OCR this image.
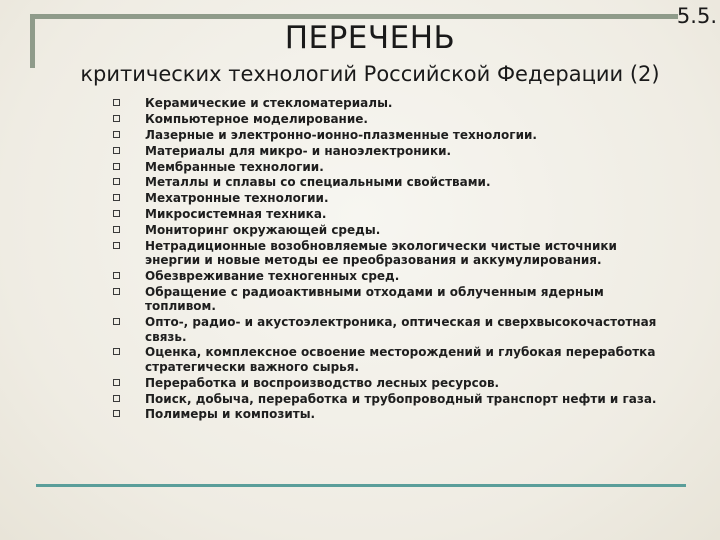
5.5.
ПЕРЕЧЕНЬ
критических технологий Российской Федерации (2)
Керамические и стекломатериалы.
Компьютерное моделирование.
Лазерные и электронно-ионно-плазменные технологии.
Материалы для микро- и наноэлектроники.
Мембранные технологии.
Металлы и сплавы со специальными свойствами.
Мехатронные технологии.
Микросистемная техника.
Мониторинг окружающей среды.
Нетрадиционные возобновляемые экологически чистые источники энергии и новые методы ее преобразования и аккумулирования.
Обезвреживание техногенных сред.
Обращение с радиоактивными отходами и облученным ядерным топливом.
Опто-, радио- и акустоэлектроника, оптическая и сверхвысокочастотная связь.
Оценка, комплексное освоение месторождений и глубокая переработка стратегически важного сырья.
Переработка и воспроизводство лесных ресурсов.
Поиск, добыча, переработка и трубопроводный транспорт нефти и газа.
Полимеры и композиты.
